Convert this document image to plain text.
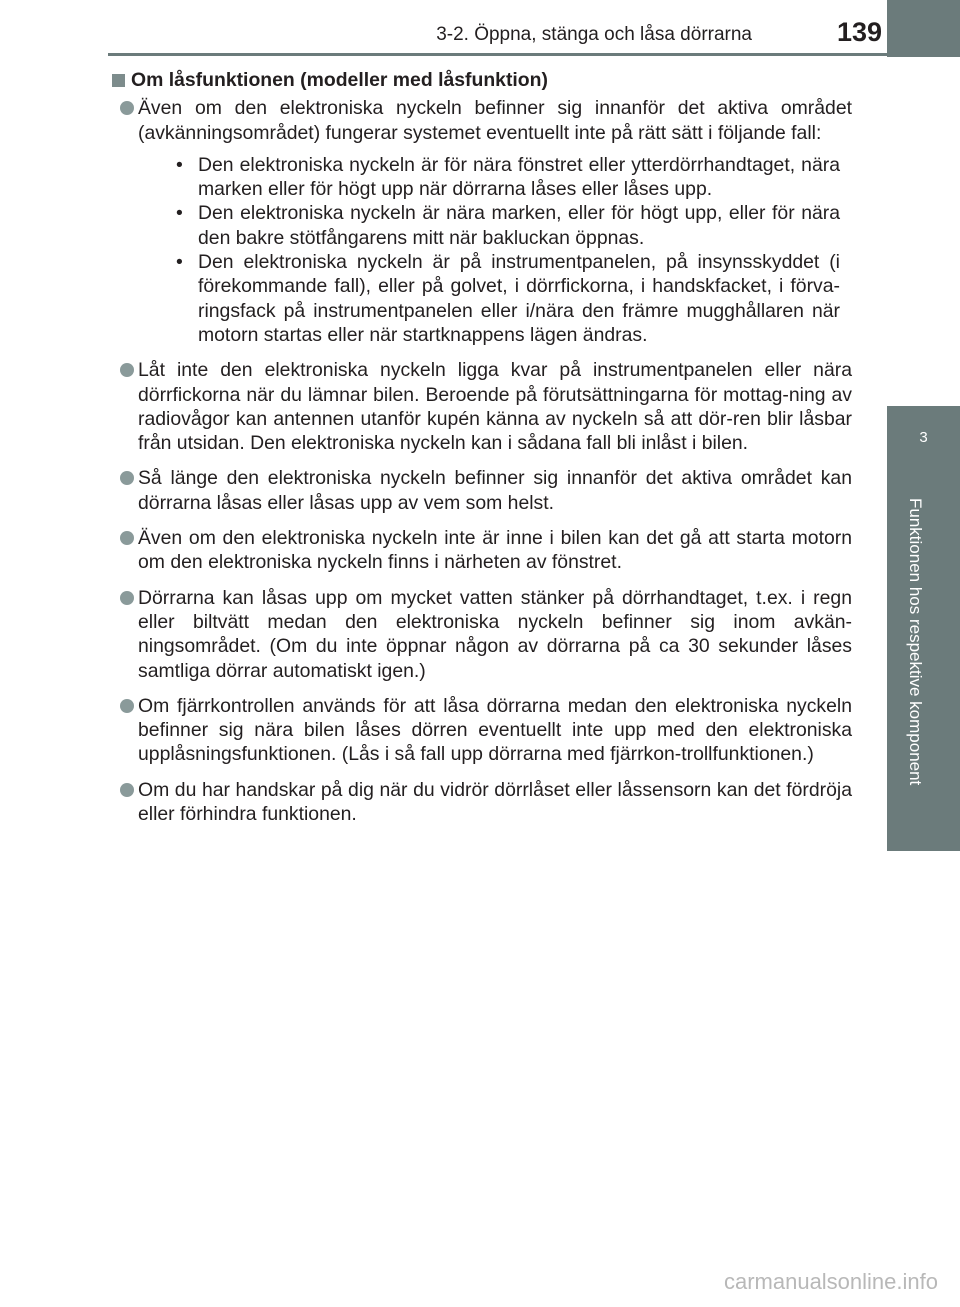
3-2. Öppna, stänga och låsa dörrarna	139
3
Funktionen hos respektive komponent
Om låsfunktionen (modeller med låsfunktion)
Även om den elektroniska nyckeln befinner sig innanför det aktiva området (avkänningsområdet) fungerar systemet eventuellt inte på rätt sätt i följande fall:
• Den elektroniska nyckeln är för nära fönstret eller ytterdörrhandtaget, nära marken eller för högt upp när dörrarna låses eller låses upp.
• Den elektroniska nyckeln är nära marken, eller för högt upp, eller för nära den bakre stötfångarens mitt när bakluckan öppnas.
• Den elektroniska nyckeln är på instrumentpanelen, på insynsskyddet (i förekommande fall), eller på golvet, i dörrfickorna, i handskfacket, i förva-ringsfack på instrumentpanelen eller i/nära den främre mugghållaren när motorn startas eller när startknappens lägen ändras.
Låt inte den elektroniska nyckeln ligga kvar på instrumentpanelen eller nära dörrfickorna när du lämnar bilen. Beroende på förutsättningarna för mottag-ning av radiovågor kan antennen utanför kupén känna av nyckeln så att dör-ren blir låsbar från utsidan. Den elektroniska nyckeln kan i sådana fall bli inlåst i bilen.
Så länge den elektroniska nyckeln befinner sig innanför det aktiva området kan dörrarna låsas eller låsas upp av vem som helst.
Även om den elektroniska nyckeln inte är inne i bilen kan det gå att starta motorn om den elektroniska nyckeln finns i närheten av fönstret.
Dörrarna kan låsas upp om mycket vatten stänker på dörrhandtaget, t.ex. i regn eller biltvätt medan den elektroniska nyckeln befinner sig inom avkän-ningsområdet. (Om du inte öppnar någon av dörrarna på ca 30 sekunder låses samtliga dörrar automatiskt igen.)
Om fjärrkontrollen används för att låsa dörrarna medan den elektroniska nyckeln befinner sig nära bilen låses dörren eventuellt inte upp med den elektroniska upplåsningsfunktionen. (Lås i så fall upp dörrarna med fjärrkon-trollfunktionen.)
Om du har handskar på dig när du vidrör dörrlåset eller låssensorn kan det fördröja eller förhindra funktionen.
carmanualsonline.info
